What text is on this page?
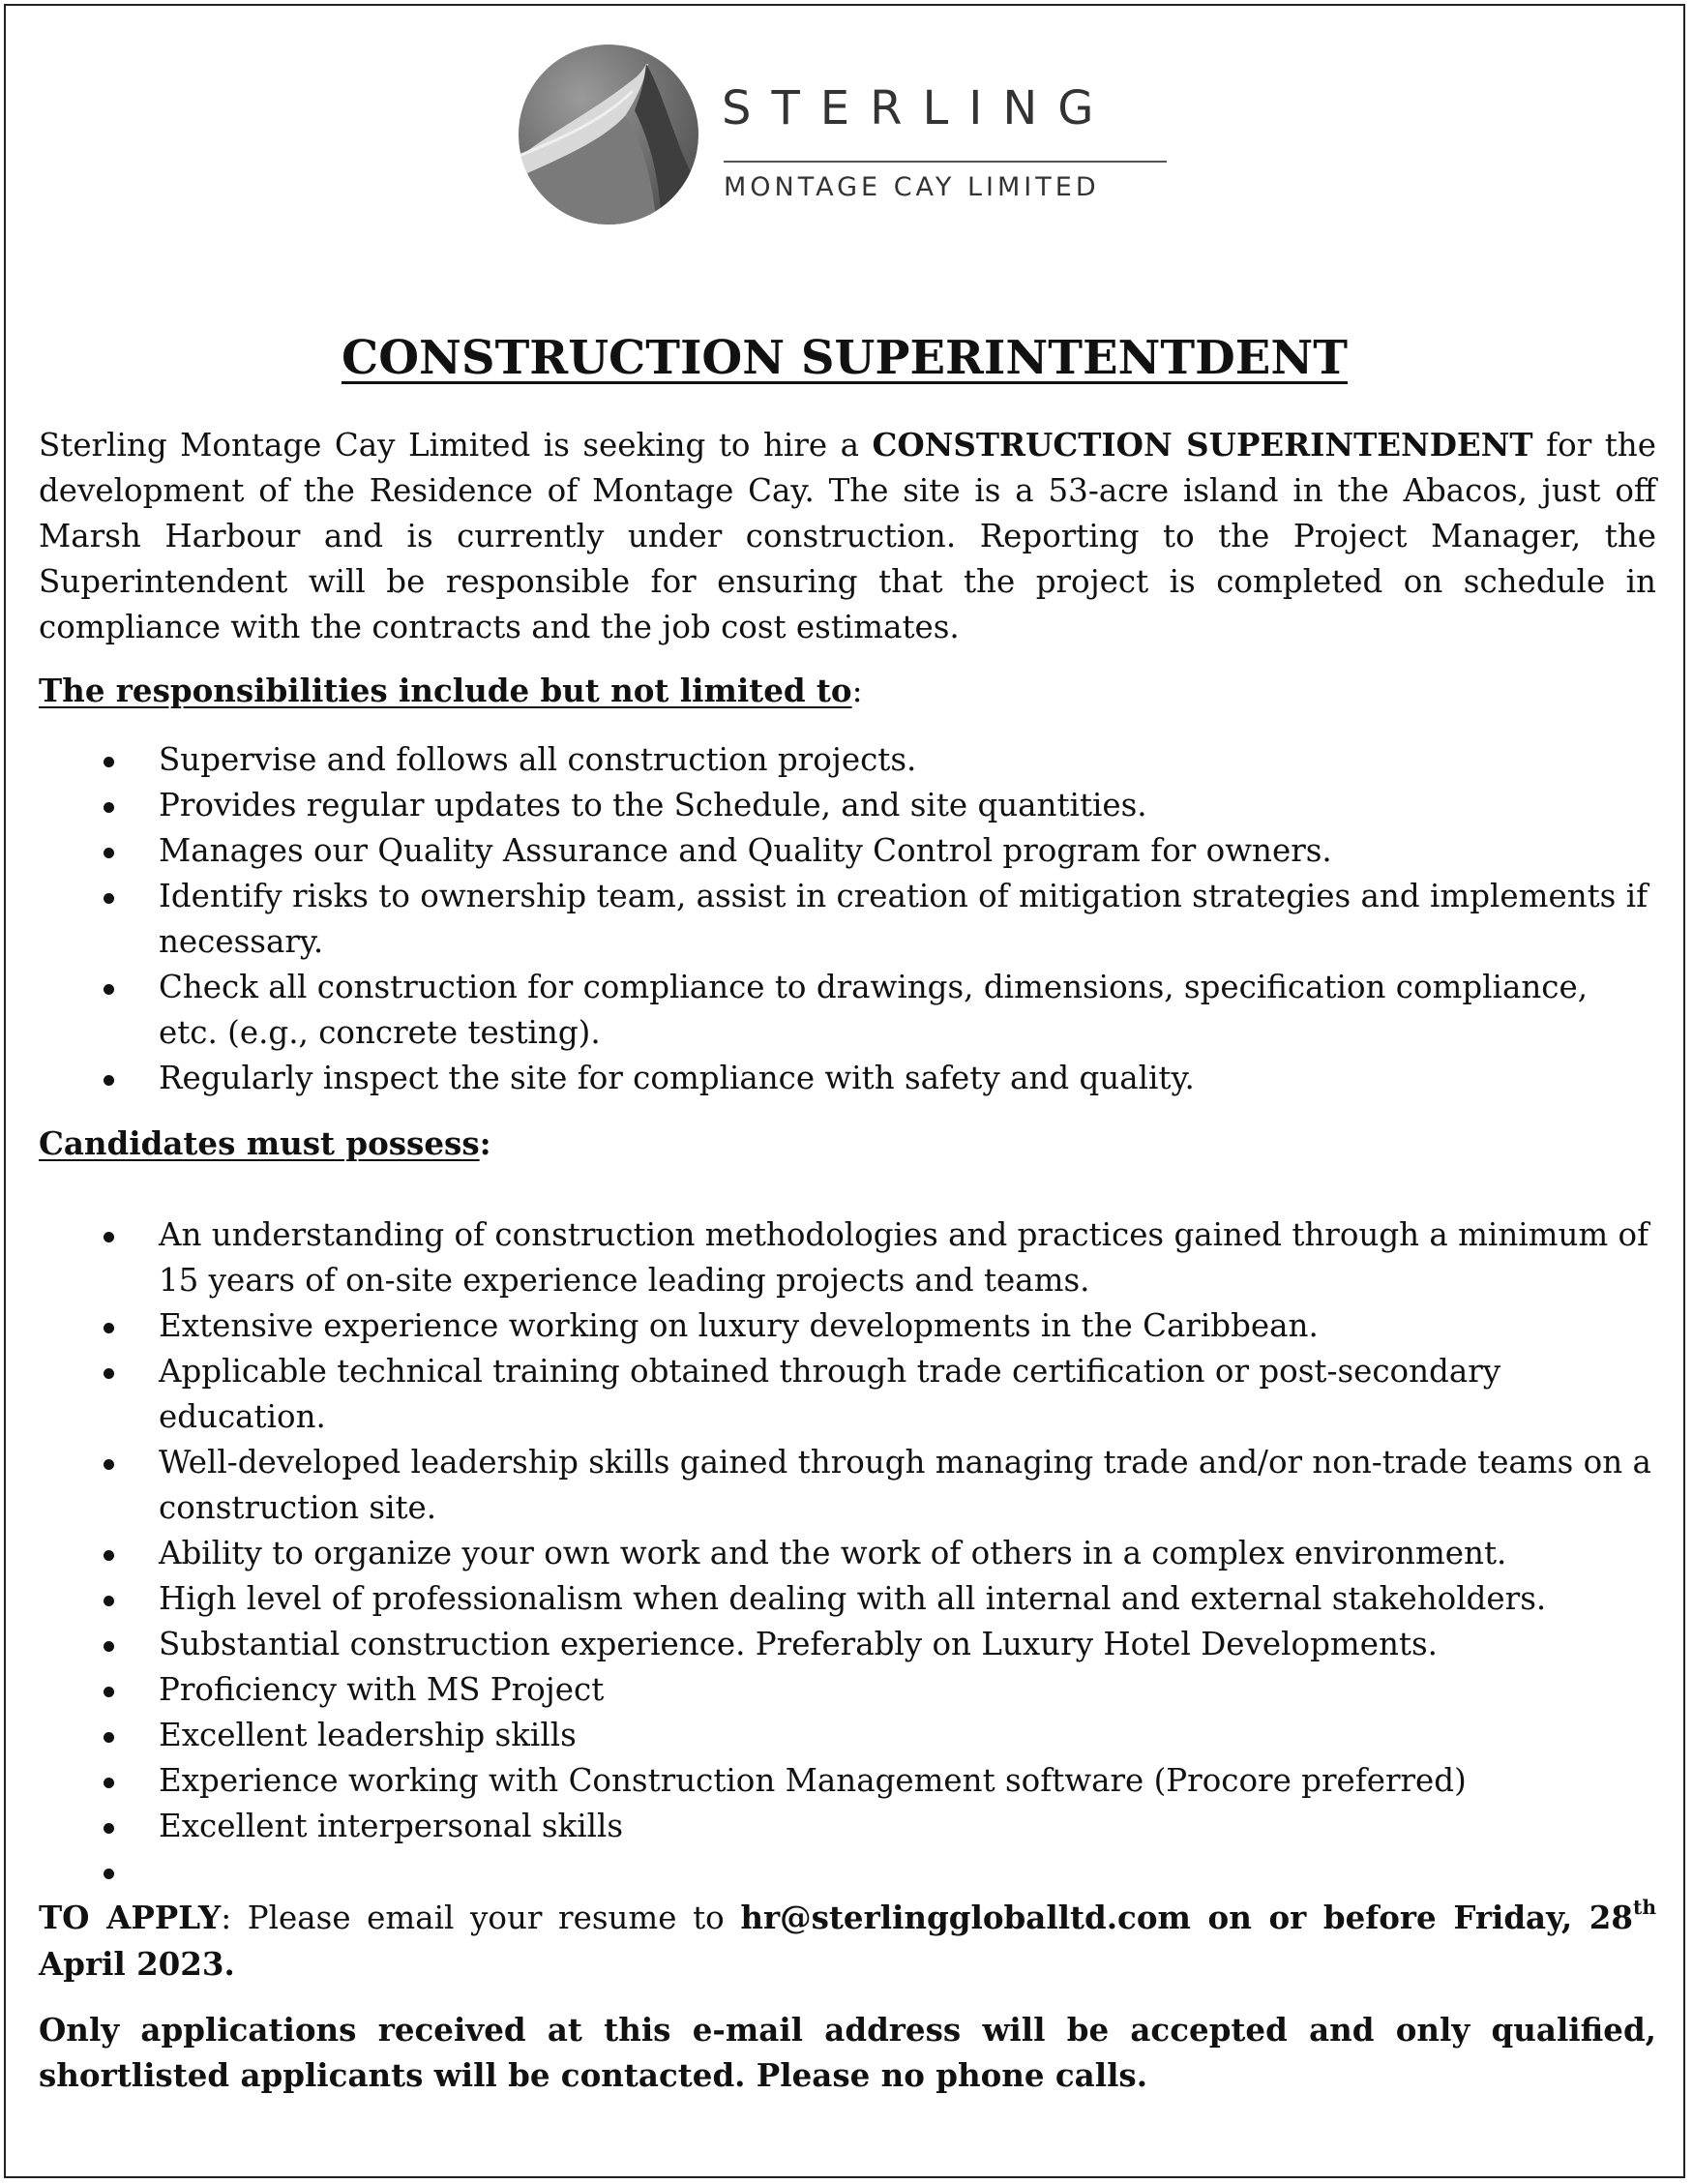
STERLING

MONTAGE CAY LIMITED

CONSTRUCTION SUPERINTENTDENT

Sterling Montage Cay Limited is seeking to hire a CONSTRUCTION SUPERINTENDENT for the development of the Residence of Montage Cay. The site is a 53-acre island in the Abacos, just off Marsh Harbour and is currently under construction. Reporting to the Project Manager, the Superintendent will be responsible for ensuring that the project is completed on schedule in compliance with the contracts and the job cost estimates.

The responsibilities include but not limited to:

Supervise and follows all construction projects.
Provides regular updates to the Schedule, and site quantities.
Manages our Quality Assurance and Quality Control program for owners.
Identify risks to ownership team, assist in creation of mitigation strategies and implements if necessary.
Check all construction for compliance to drawings, dimensions, specification compliance, etc. (e.g., concrete testing).
Regularly inspect the site for compliance with safety and quality.

Candidates must possess:

An understanding of construction methodologies and practices gained through a minimum of 15 years of on-site experience leading projects and teams.
Extensive experience working on luxury developments in the Caribbean.
Applicable technical training obtained through trade certification or post-secondary education.
Well-developed leadership skills gained through managing trade and/or non-trade teams on a construction site.
Ability to organize your own work and the work of others in a complex environment.
High level of professionalism when dealing with all internal and external stakeholders.
Substantial construction experience. Preferably on Luxury Hotel Developments.
Proficiency with MS Project
Excellent leadership skills
Experience working with Construction Management software (Procore preferred)
Excellent interpersonal skills

TO APPLY: Please email your resume to hr@sterlinggloballtd.com on or before Friday, 28th April 2023.

Only applications received at this e-mail address will be accepted and only qualified, shortlisted applicants will be contacted. Please no phone calls.
